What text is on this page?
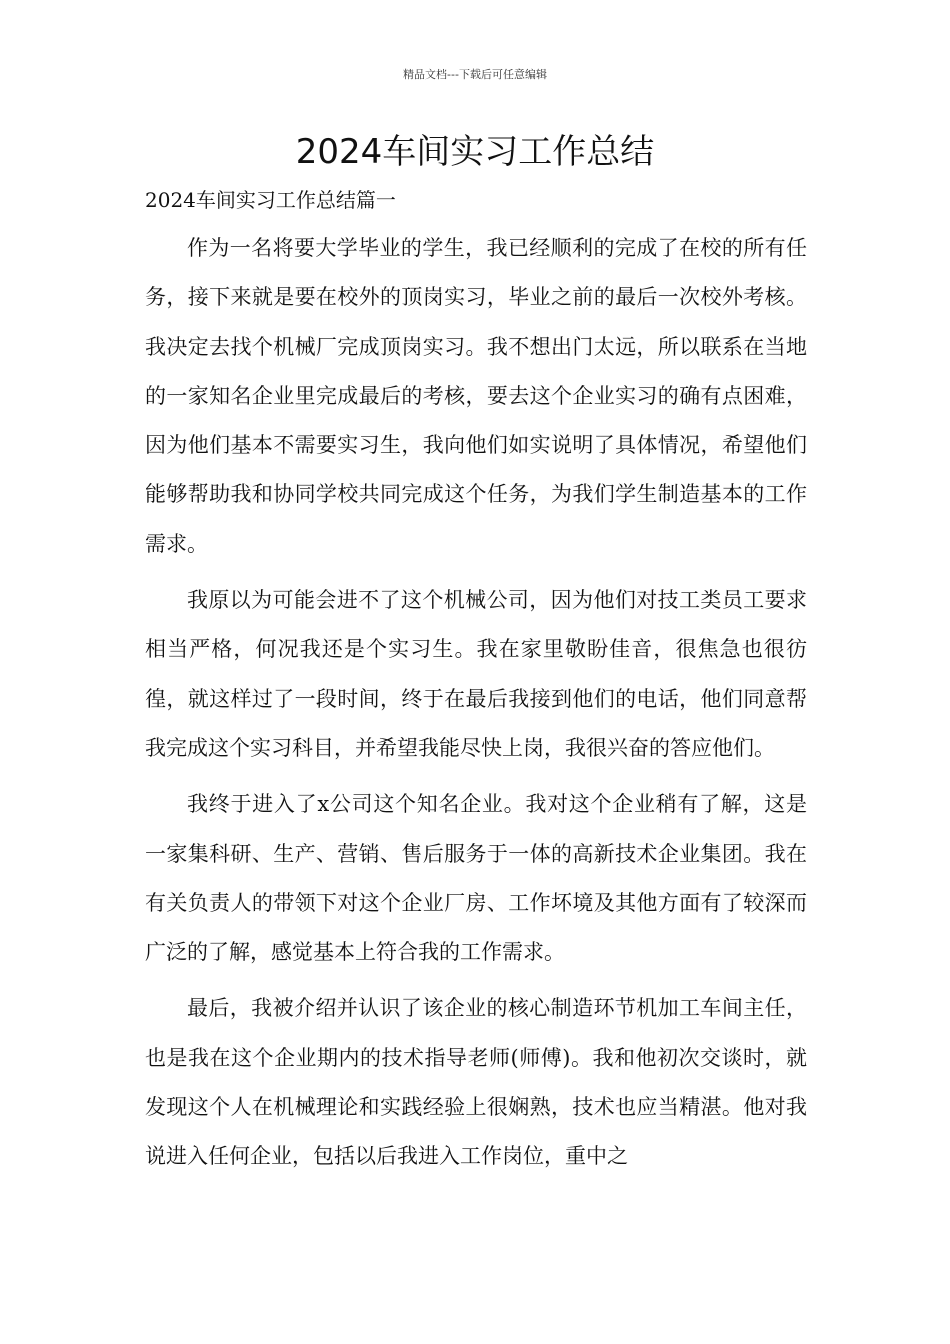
精品文档---下载后可任意编辑
2024车间实习工作总结
2024车间实习工作总结篇一

作为一名将要大学毕业的学生，我已经顺利的完成了在校的所有任务，接下来就是要在校外的顶岗实习，毕业之前的最后一次校外考核。我决定去找个机械厂完成顶岗实习。我不想出门太远，所以联系在当地的一家知名企业里完成最后的考核，要去这个企业实习的确有点困难，因为他们基本不需要实习生，我向他们如实说明了具体情况，希望他们能够帮助我和协同学校共同完成这个任务，为我们学生制造基本的工作需求。

我原以为可能会进不了这个机械公司，因为他们对技工类员工要求相当严格，何况我还是个实习生。我在家里敬盼佳音，很焦急也很彷徨，就这样过了一段时间，终于在最后我接到他们的电话，他们同意帮我完成这个实习科目，并希望我能尽快上岗，我很兴奋的答应他们。

我终于进入了x公司这个知名企业。我对这个企业稍有了解，这是一家集科研、生产、营销、售后服务于一体的高新技术企业集团。我在有关负责人的带领下对这个企业厂房、工作坏境及其他方面有了较深而广泛的了解，感觉基本上符合我的工作需求。

最后，我被介绍并认识了该企业的核心制造环节机加工车间主任，也是我在这个企业期内的技术指导老师(师傅)。我和他初次交谈时，就发现这个人在机械理论和实践经验上很娴熟，技术也应当精湛。他对我说进入任何企业，包括以后我进入工作岗位，重中之
